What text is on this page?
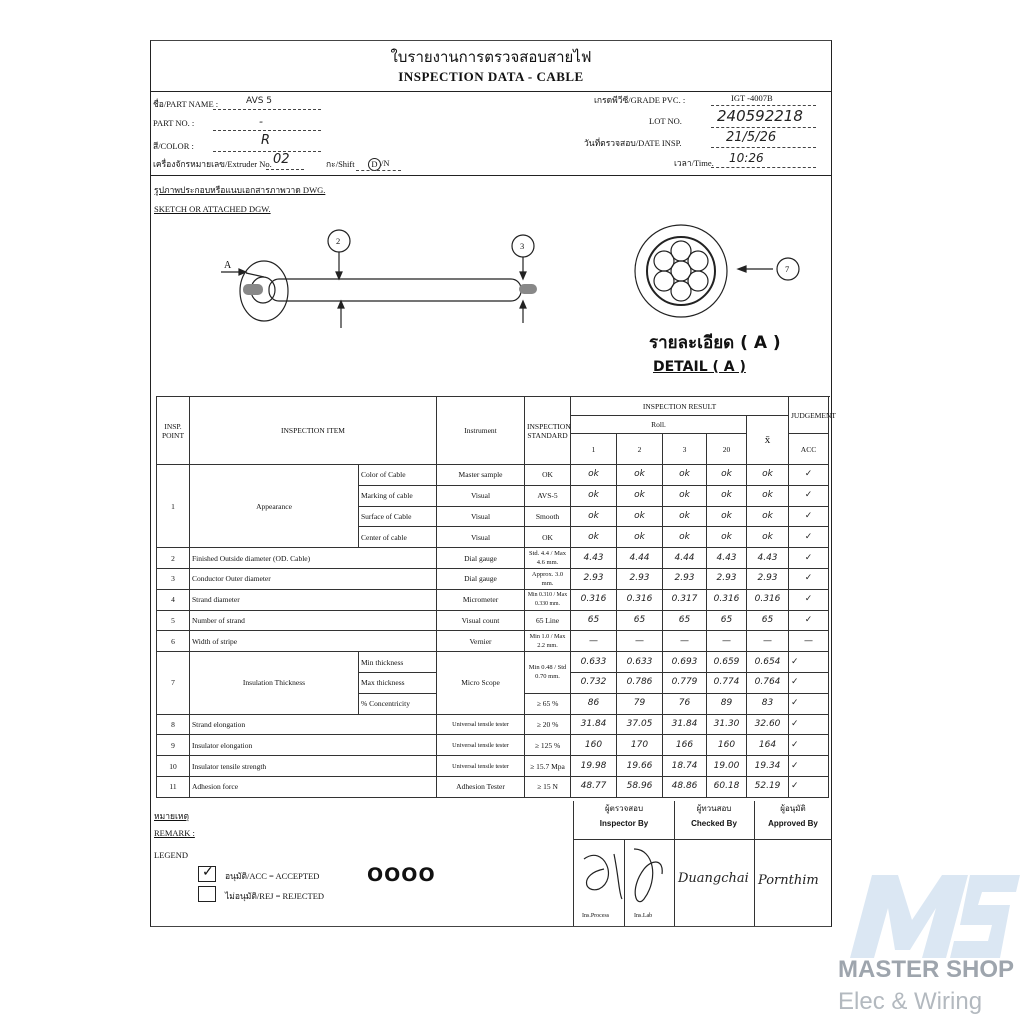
ใบรายงานการตรวจสอบสายไฟ
INSPECTION DATA - CABLE
ชื่อ/PART NAME :	AVS 5
PART NO. :	-
สี/COLOR :	R
เครื่องจักรหมายเลข/Extruder No. 02	กะ/Shift	D /N
เกรดพีวีซี/GRADE PVC. :	IGT -4007B
LOT NO. 240592218
วันที่ตรวจสอบ/DATE INSP.	21/5/26
เวลา/Time. 10:26
รูปภาพประกอบหรือแนบเอกสารภาพวาด DWG.
SKETCH OR ATTACHED DGW.
A
2	3
7
รายละเอียด ( A )
DETAIL ( A )
INSP. POINT	INSPECTION ITEM		Instrument	INSPECTION STANDARD	INSPECTION RESULT					JUDGEMENT	
					Roll.				x̄		
					1	2	3	20		ACC	
1	Appearance	Color of Cable	Master sample	OK	ok	ok	ok	ok	ok	✓	
		Marking of cable	Visual	AVS-5	ok	ok	ok	ok	ok	✓	
		Surface of Cable	Visual	Smooth	ok	ok	ok	ok	ok	✓	
		Center of cable	Visual	OK	ok	ok	ok	ok	ok	✓	
2	Finished Outside diameter (OD. Cable)		Dial gauge	Std. 4.4 / Max 4.6 mm.	4.43	4.44	4.44	4.43	4.43	✓	
3	Conductor Outer diameter		Dial gauge	Approx. 3.0 mm.	2.93	2.93	2.93	2.93	2.93	✓	
4	Strand diameter		Micrometer	Min 0.310 / Max 0.330 mm.	0.316	0.316	0.317	0.316	0.316	✓	
5	Number of strand		Visual count	65 Line	65	65	65	65	65	✓	
6	Width of stripe		Vernier	Min 1.0 / Max 2.2 mm.	—	—	—	—	—	—	
7	Insulation Thickness	Min thickness	Micro Scope	Min 0.48 / Std 0.70 mm.	0.633	0.633	0.693	0.659	0.654	✓	
		Max thickness			0.732	0.786	0.779	0.774	0.764	✓	
		% Concentricity		≥ 65 %	86	79	76	89	83	✓	
8	Strand elongation		Universal tensile tester	≥ 20 %	31.84	37.05	31.84	31.30	32.60	✓	
9	Insulator elongation		Universal tensile tester	≥ 125 %	160	170	166	160	164	✓	
10	Insulator tensile strength		Universal tensile tester	≥ 15.7 Mpa	19.98	19.66	18.74	19.00	19.34	✓	
11	Adhesion force		Adhesion Tester	≥ 15 N	48.77	58.96	48.86	60.18	52.19	✓	
หมายเหตุ
REMARK :
LEGEND
✓ อนุมัติ/ACC = ACCEPTED
ไม่อนุมัติ/REJ = REJECTED
OOOO
ผู้ตรวจสอบ
Inspector By
ผู้ทวนสอบ
Checked By
ผู้อนุมัติ
Approved By
Ins.Process	Ins.Lab
Duangchai Pornthim
MASTER SHOP
Elec & Wiring
